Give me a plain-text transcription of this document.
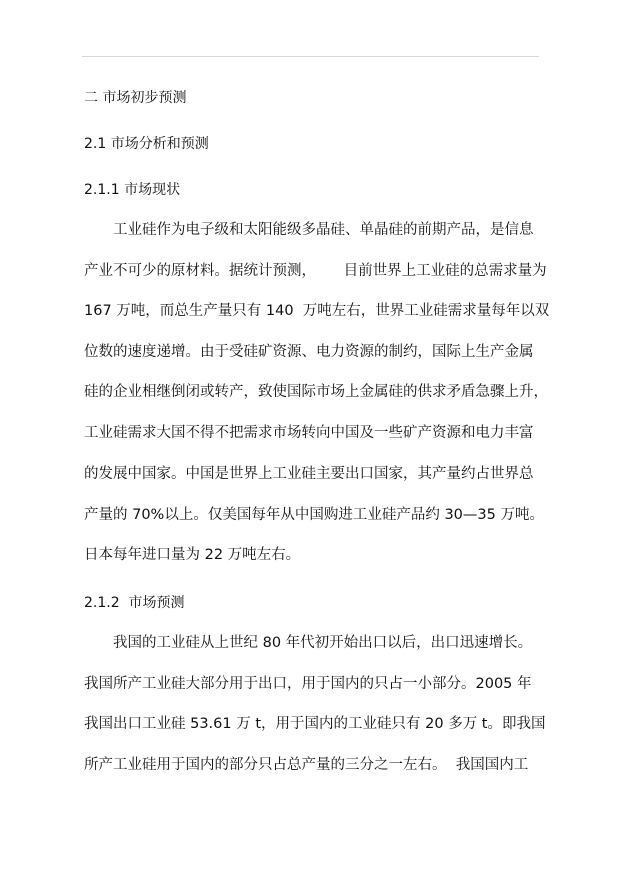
二 市场初步预测
2.1 市场分析和预测
2.1.1 市场现状
工业硅作为电子级和太阳能级多晶硅、单晶硅的前期产品，是信息
产业不可少的原材料。据统计预测，      目前世界上工业硅的总需求量为
167 万吨，而总生产量只有 140  万吨左右，世界工业硅需求量每年以双
位数的速度递增。由于受硅矿资源、电力资源的制约，国际上生产金属
硅的企业相继倒闭或转产，致使国际市场上金属硅的供求矛盾急骤上升，
工业硅需求大国不得不把需求市场转向中国及一些矿产资源和电力丰富
的发展中国家。中国是世界上工业硅主要出口国家，其产量约占世界总
产量的 70%以上。仅美国每年从中国购进工业硅产品约 30—35 万吨。
日本每年进口量为 22 万吨左右。
2.1.2  市场预测
我国的工业硅从上世纪 80 年代初开始出口以后，出口迅速增长。
我国所产工业硅大部分用于出口，用于国内的只占一小部分。2005 年
我国出口工业硅 53.61 万 t，用于国内的工业硅只有 20 多万 t。即我国
所产工业硅用于国内的部分只占总产量的三分之一左右。  我国国内工
